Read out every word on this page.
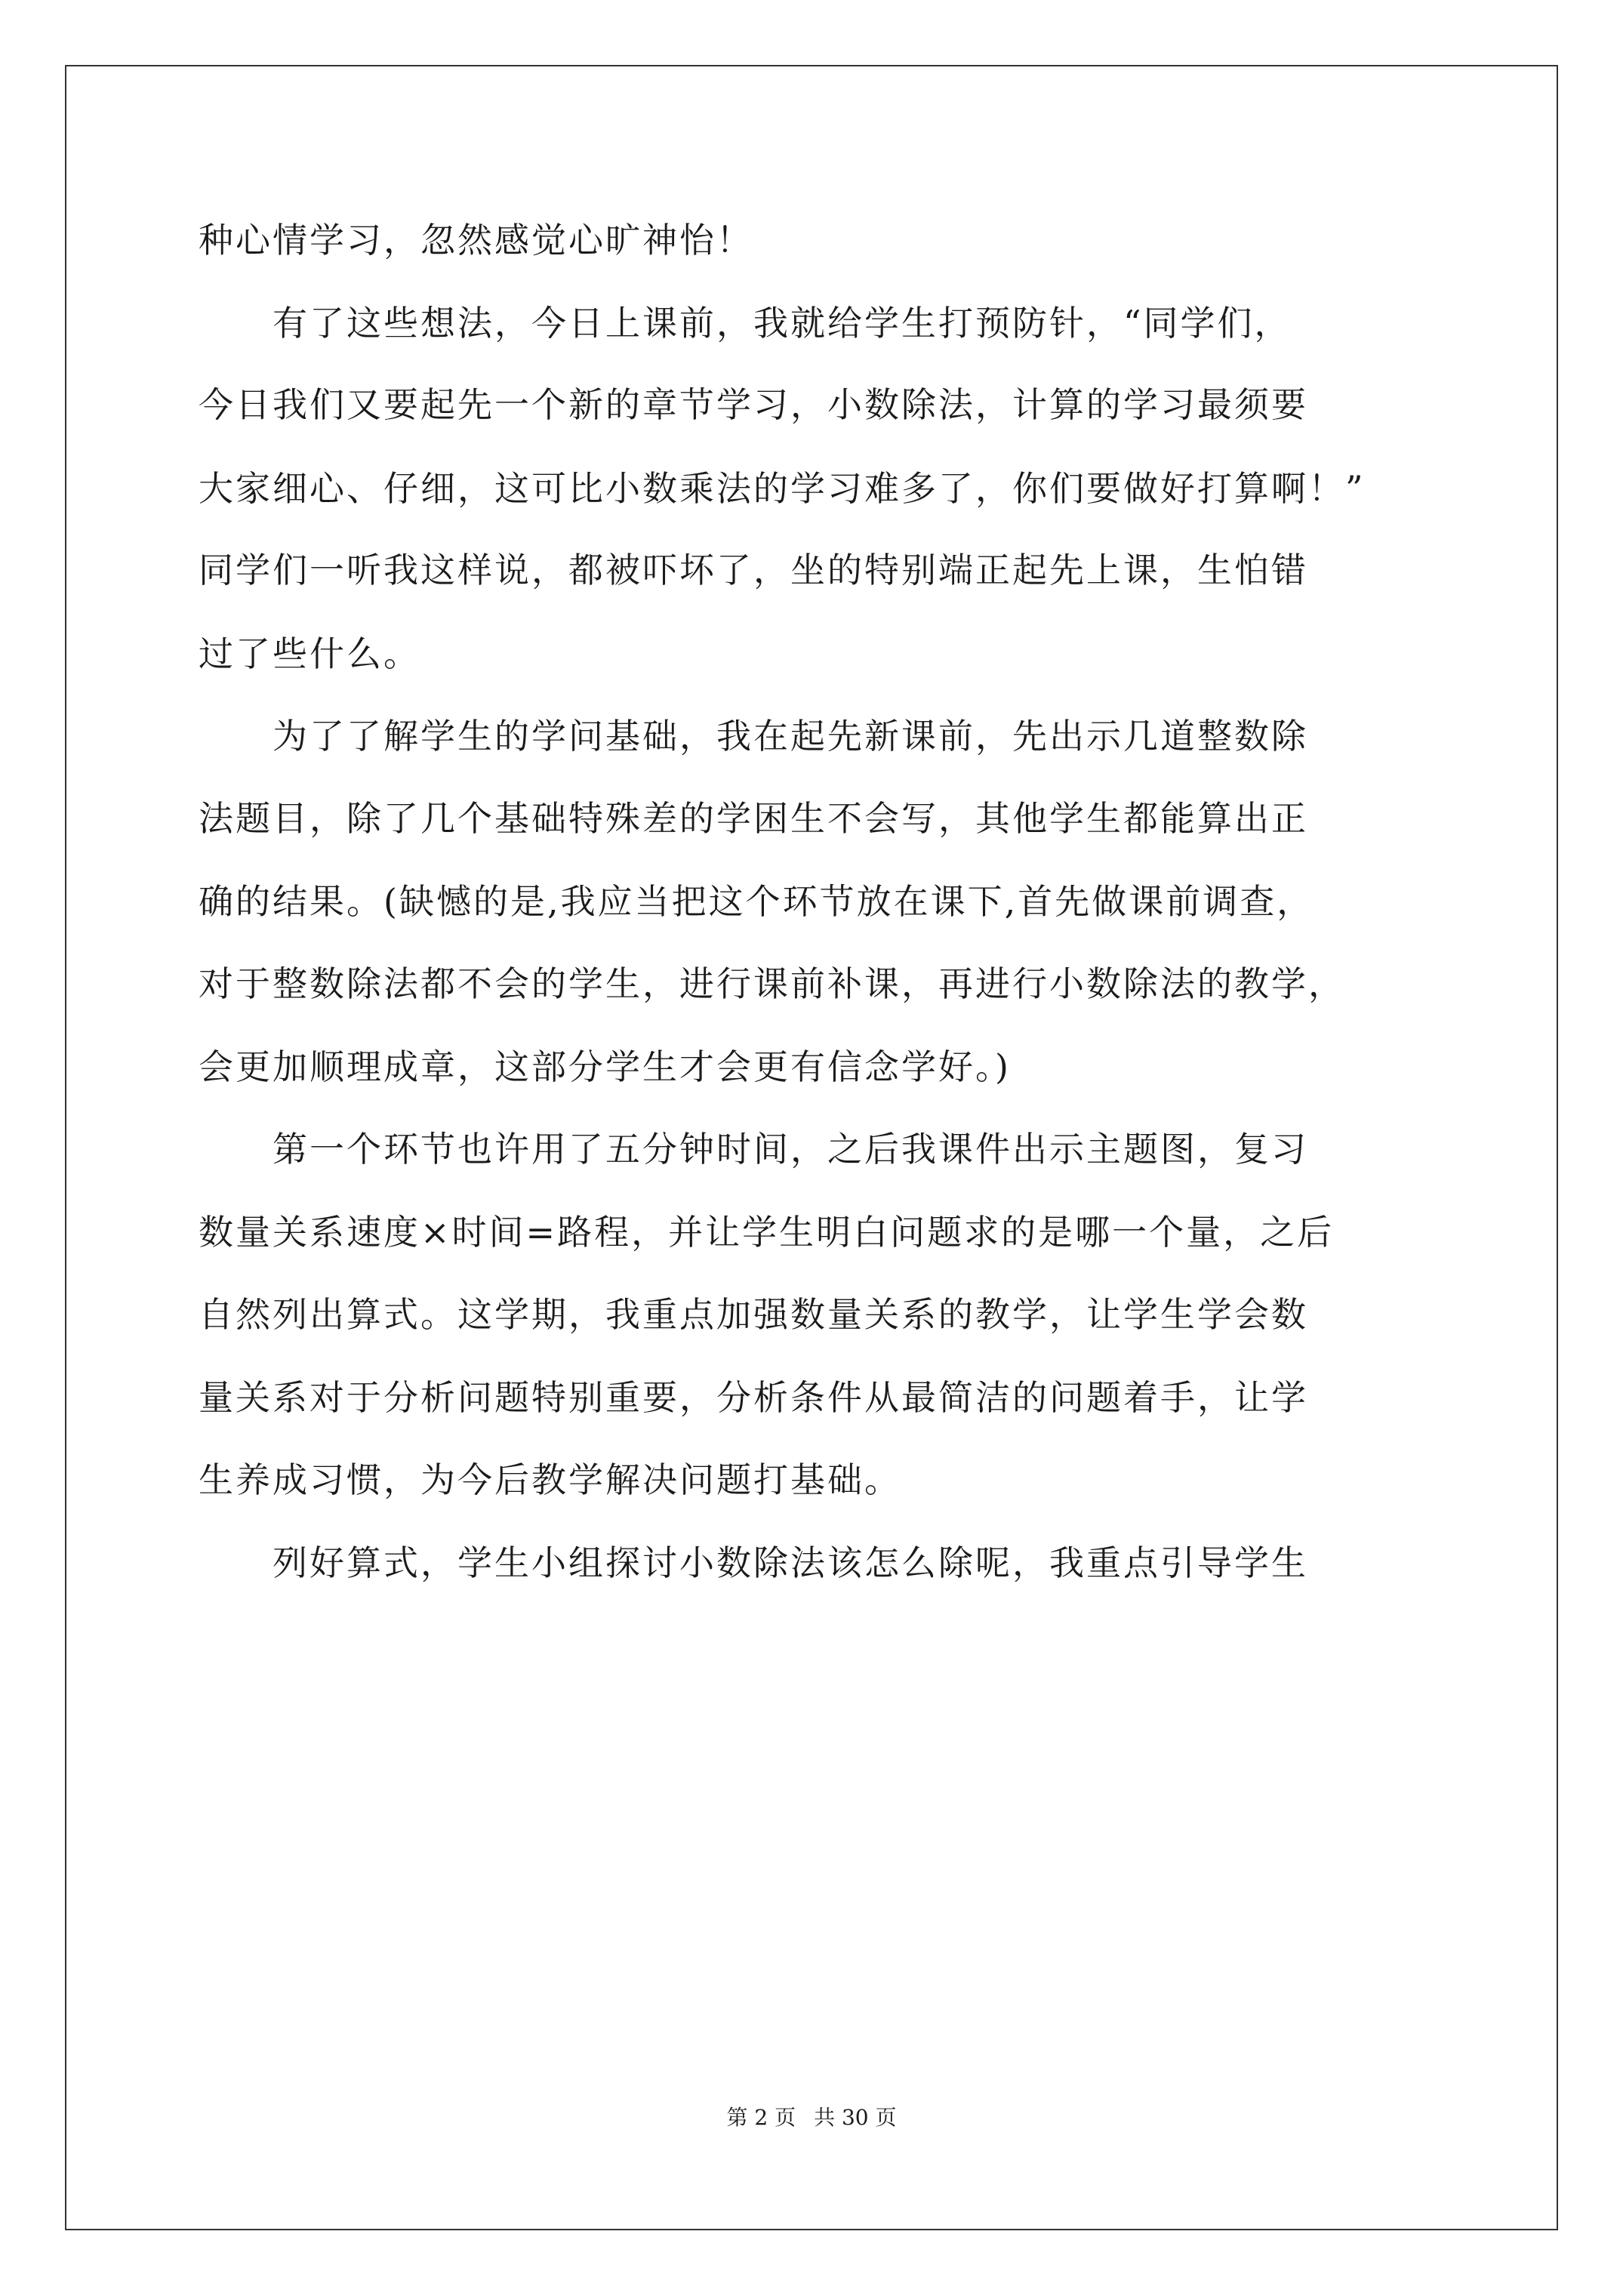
种心情学习，忽然感觉心旷神怡！
　　有了这些想法，今日上课前，我就给学生打预防针，“同学们，
今日我们又要起先一个新的章节学习，小数除法，计算的学习最须要
大家细心、仔细，这可比小数乘法的学习难多了，你们要做好打算啊！”
同学们一听我这样说，都被吓坏了，坐的特别端正起先上课，生怕错
过了些什么。
　　为了了解学生的学问基础，我在起先新课前，先出示几道整数除
法题目，除了几个基础特殊差的学困生不会写，其他学生都能算出正
确的结果。(缺憾的是,我应当把这个环节放在课下,首先做课前调查，
对于整数除法都不会的学生，进行课前补课，再进行小数除法的教学，
会更加顺理成章，这部分学生才会更有信念学好。)
　　第一个环节也许用了五分钟时间，之后我课件出示主题图，复习
数量关系速度×时间=路程，并让学生明白问题求的是哪一个量，之后
自然列出算式。这学期，我重点加强数量关系的教学，让学生学会数
量关系对于分析问题特别重要，分析条件从最简洁的问题着手，让学
生养成习惯，为今后教学解决问题打基础。
　　列好算式，学生小组探讨小数除法该怎么除呢，我重点引导学生
第 2 页 共 30 页
